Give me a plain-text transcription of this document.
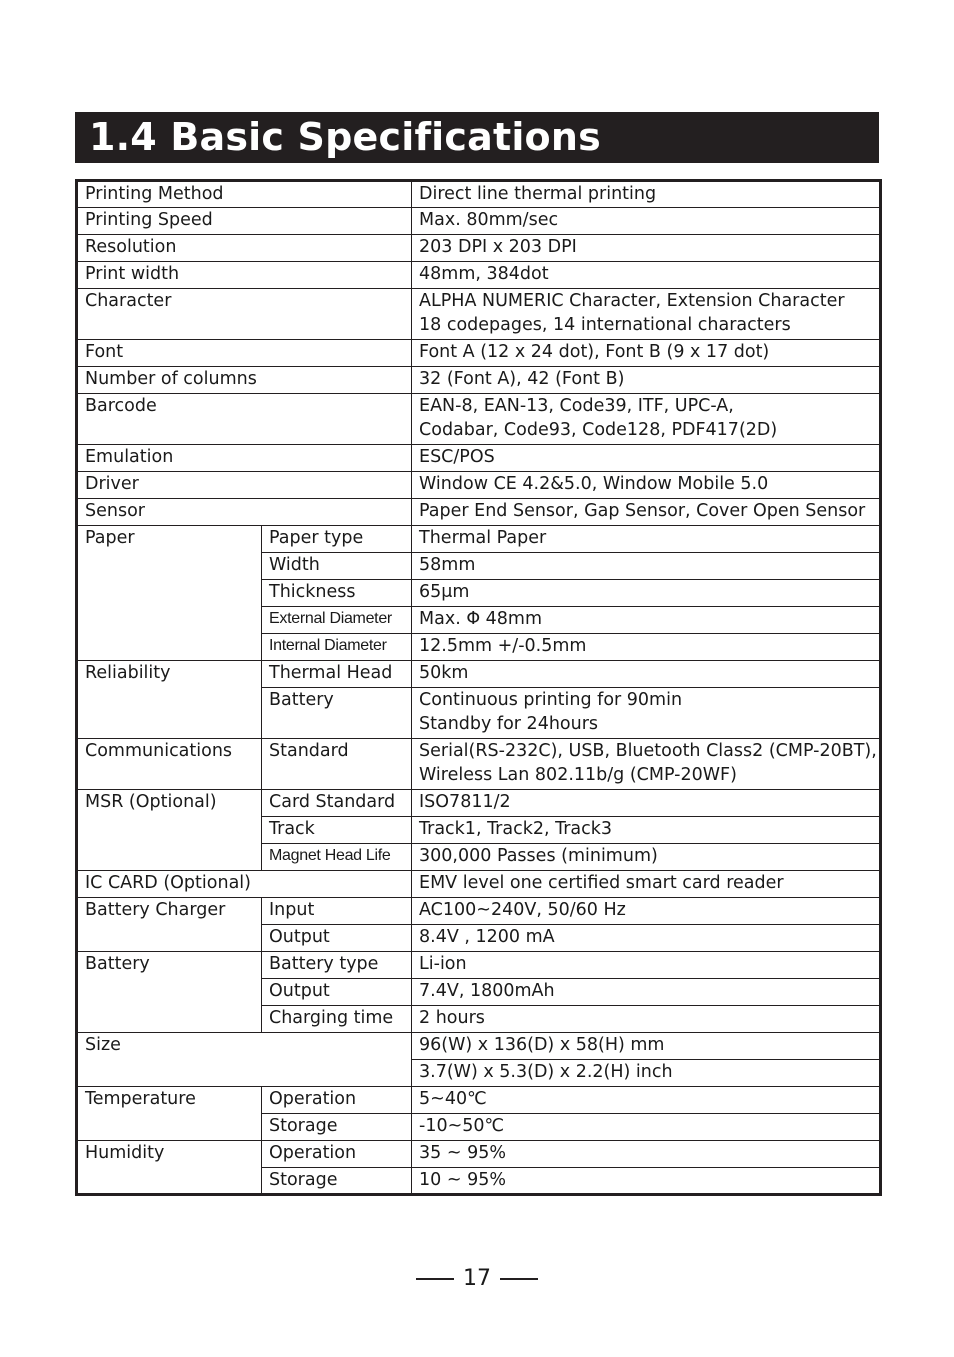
1.4 Basic Specifications
Printing Method		Direct line thermal printing
Printing Speed		Max. 80mm/sec
Resolution		203 DPI x 203 DPI
Print width		48mm, 384dot
Character		ALPHA NUMERIC Character, Extension Character
18 codepages, 14 international characters

Font		Font A (12 x 24 dot), Font B (9 x 17 dot)
Number of columns		32 (Font A), 42 (Font B)
Barcode		EAN-8, EAN-13, Code39, ITF, UPC-A,
Codabar, Code93, Code128, PDF417(2D)

Emulation		ESC/POS
Driver		Window CE 4.2&5.0, Window Mobile 5.0
Sensor		Paper End Sensor, Gap Sensor, Cover Open Sensor
Paper	Paper type	Thermal Paper
	Width	58mm
	Thickness	65μm
	External Diameter	Max. Φ 48mm
	Internal Diameter	12.5mm +/-0.5mm
Reliability	Thermal Head	50km
	Battery	Continuous printing for 90min
Standby for 24hours

Communications	Standard	Serial(RS-232C), USB, Bluetooth Class2 (CMP-20BT),
Wireless Lan 802.11b/g (CMP-20WF)

MSR (Optional)	Card Standard	ISO7811/2
	Track	Track1, Track2, Track3
	Magnet Head Life	300,000 Passes (minimum)
IC CARD (Optional)		EMV level one certified smart card reader
Battery Charger	Input	AC100~240V, 50/60 Hz
	Output	8.4V , 1200 mA
Battery	Battery type	Li-ion
	Output	7.4V, 1800mAh
	Charging time	2 hours
Size		96(W) x 136(D) x 58(H) mm
		3.7(W) x 5.3(D) x 2.2(H) inch
Temperature	Operation	5~40℃
	Storage	-10~50℃
Humidity	Operation	35 ~ 95%
	Storage	10 ~ 95%
17
